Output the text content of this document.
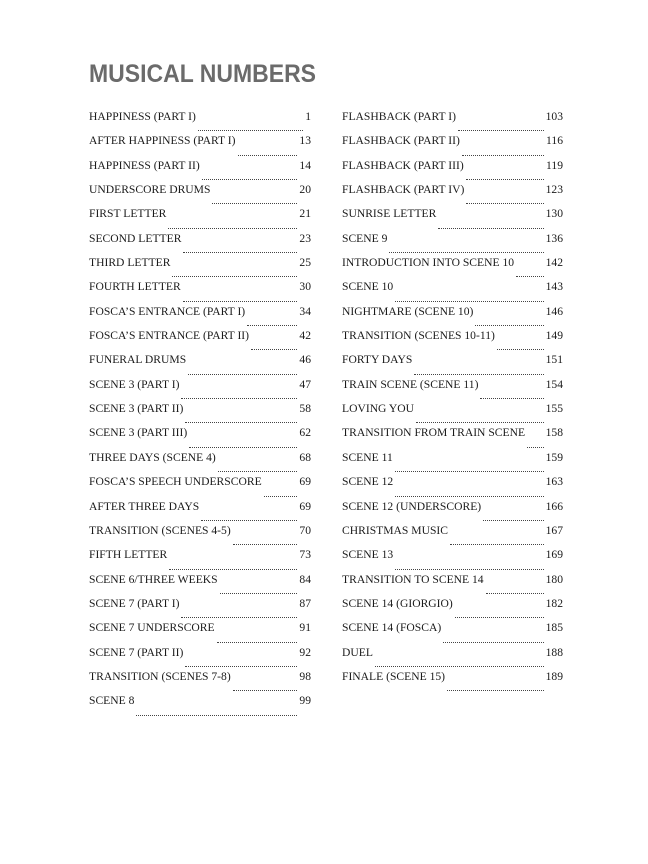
MUSICAL NUMBERS
HAPPINESS (PART I)	1
AFTER HAPPINESS (PART I)	13
HAPPINESS (PART II)	14
UNDERSCORE DRUMS	20
FIRST LETTER	21
SECOND LETTER	23
THIRD LETTER	25
FOURTH LETTER	30
FOSCA’S ENTRANCE (PART I)	34
FOSCA’S ENTRANCE (PART II)	42
FUNERAL DRUMS	46
SCENE 3 (PART I)	47
SCENE 3 (PART II)	58
SCENE 3 (PART III)	62
THREE DAYS (SCENE 4)	68
FOSCA’S SPEECH UNDERSCORE	69
AFTER THREE DAYS	69
TRANSITION (SCENES 4-5)	70
FIFTH LETTER	73
SCENE 6/THREE WEEKS	84
SCENE 7 (PART I)	87
SCENE 7 UNDERSCORE	91
SCENE 7 (PART II)	92
TRANSITION (SCENES 7-8)	98
SCENE 8	99
FLASHBACK (PART I)	103
FLASHBACK (PART II)	116
FLASHBACK (PART III)	119
FLASHBACK (PART IV)	123
SUNRISE LETTER	130
SCENE 9	136
INTRODUCTION INTO SCENE 10	142
SCENE 10	143
NIGHTMARE (SCENE 10)	146
TRANSITION (SCENES 10-11)	149
FORTY DAYS	151
TRAIN SCENE (SCENE 11)	154
LOVING YOU	155
TRANSITION FROM TRAIN SCENE 158
SCENE 11	159
SCENE 12	163
SCENE 12 (UNDERSCORE)	166
CHRISTMAS MUSIC	167
SCENE 13	169
TRANSITION TO SCENE 14	180
SCENE 14 (GIORGIO)	182
SCENE 14 (FOSCA)	185
DUEL	188
FINALE (SCENE 15)	189
